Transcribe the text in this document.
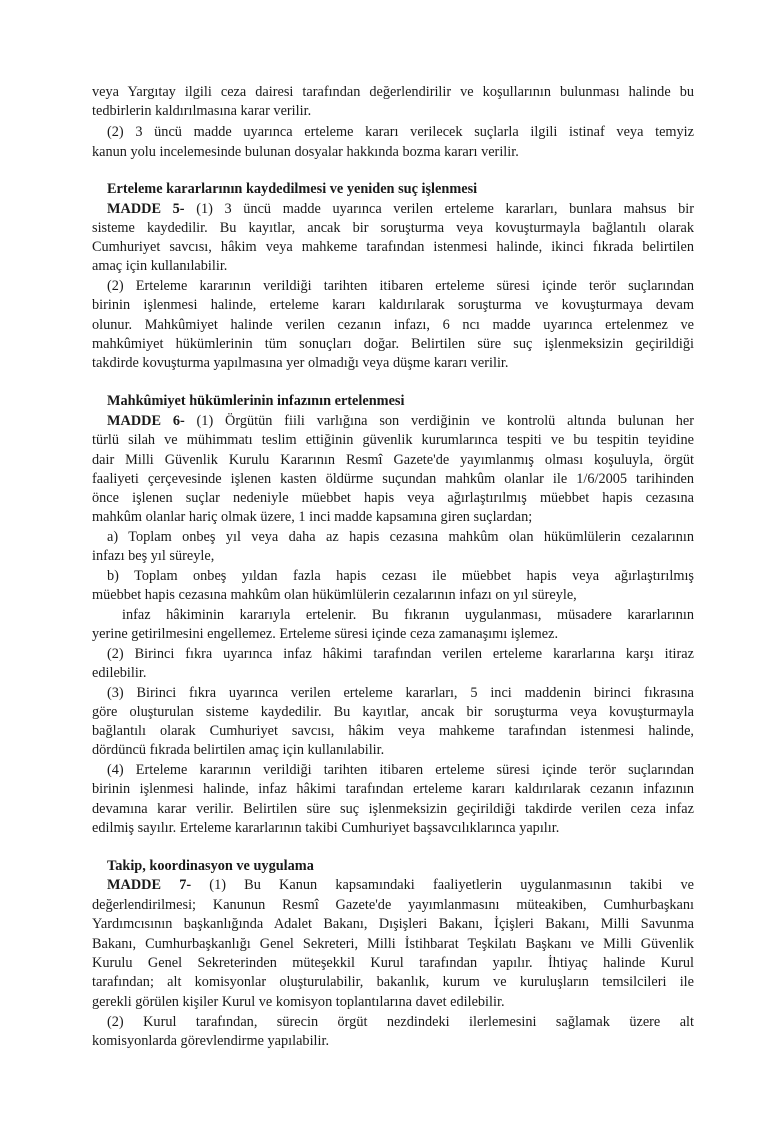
veya Yargıtay ilgili ceza dairesi tarafından değerlendirilir ve koşullarının bulunması halinde bu
tedbirlerin kaldırılmasına karar verilir.
(2) 3 üncü madde uyarınca erteleme kararı verilecek suçlarla ilgili istinaf veya temyiz
kanun yolu incelemesinde bulunan dosyalar hakkında bozma kararı verilir.
Erteleme kararlarının kaydedilmesi ve yeniden suç işlenmesi
MADDE 5- (1) 3 üncü madde uyarınca verilen erteleme kararları, bunlara mahsus bir
sisteme kaydedilir. Bu kayıtlar, ancak bir soruşturma veya kovuşturmayla bağlantılı olarak
Cumhuriyet savcısı, hâkim veya mahkeme tarafından istenmesi halinde, ikinci fıkrada belirtilen
amaç için kullanılabilir.
(2) Erteleme kararının verildiği tarihten itibaren erteleme süresi içinde terör suçlarından
birinin işlenmesi halinde, erteleme kararı kaldırılarak soruşturma ve kovuşturmaya devam
olunur. Mahkûmiyet halinde verilen cezanın infazı, 6 ncı madde uyarınca ertelenmez ve
mahkûmiyet hükümlerinin tüm sonuçları doğar. Belirtilen süre suç işlenmeksizin geçirildiği
takdirde kovuşturma yapılmasına yer olmadığı veya düşme kararı verilir.
Mahkûmiyet hükümlerinin infazının ertelenmesi
MADDE 6- (1) Örgütün fiili varlığına son verdiğinin ve kontrolü altında bulunan her
türlü silah ve mühimmatı teslim ettiğinin güvenlik kurumlarınca tespiti ve bu tespitin teyidine
dair Milli Güvenlik Kurulu Kararının Resmî Gazete'de yayımlanmış olması koşuluyla, örgüt
faaliyeti çerçevesinde işlenen kasten öldürme suçundan mahkûm olanlar ile 1/6/2005 tarihinden
önce işlenen suçlar nedeniyle müebbet hapis veya ağırlaştırılmış müebbet hapis cezasına
mahkûm olanlar hariç olmak üzere, 1 inci madde kapsamına giren suçlardan;
a) Toplam onbeş yıl veya daha az hapis cezasına mahkûm olan hükümlülerin cezalarının
infazı beş yıl süreyle,
b) Toplam onbeş yıldan fazla hapis cezası ile müebbet hapis veya ağırlaştırılmış
müebbet hapis cezasına mahkûm olan hükümlülerin cezalarının infazı on yıl süreyle,
infaz hâkiminin kararıyla ertelenir. Bu fıkranın uygulanması, müsadere kararlarının
yerine getirilmesini engellemez. Erteleme süresi içinde ceza zamanaşımı işlemez.
(2) Birinci fıkra uyarınca infaz hâkimi tarafından verilen erteleme kararlarına karşı itiraz
edilebilir.
(3) Birinci fıkra uyarınca verilen erteleme kararları, 5 inci maddenin birinci fıkrasına
göre oluşturulan sisteme kaydedilir. Bu kayıtlar, ancak bir soruşturma veya kovuşturmayla
bağlantılı olarak Cumhuriyet savcısı, hâkim veya mahkeme tarafından istenmesi halinde,
dördüncü fıkrada belirtilen amaç için kullanılabilir.
(4) Erteleme kararının verildiği tarihten itibaren erteleme süresi içinde terör suçlarından
birinin işlenmesi halinde, infaz hâkimi tarafından erteleme kararı kaldırılarak cezanın infazının
devamına karar verilir. Belirtilen süre suç işlenmeksizin geçirildiği takdirde verilen ceza infaz
edilmiş sayılır. Erteleme kararlarının takibi Cumhuriyet başsavcılıklarınca yapılır.
Takip, koordinasyon ve uygulama
MADDE 7- (1) Bu Kanun kapsamındaki faaliyetlerin uygulanmasının takibi ve
değerlendirilmesi; Kanunun Resmî Gazete'de yayımlanmasını müteakiben, Cumhurbaşkanı
Yardımcısının başkanlığında Adalet Bakanı, Dışişleri Bakanı, İçişleri Bakanı, Milli Savunma
Bakanı, Cumhurbaşkanlığı Genel Sekreteri, Milli İstihbarat Teşkilatı Başkanı ve Milli Güvenlik
Kurulu Genel Sekreterinden müteşekkil Kurul tarafından yapılır. İhtiyaç halinde Kurul
tarafından; alt komisyonlar oluşturulabilir, bakanlık, kurum ve kuruluşların temsilcileri ile
gerekli görülen kişiler Kurul ve komisyon toplantılarına davet edilebilir.
(2) Kurul tarafından, sürecin örgüt nezdindeki ilerlemesini sağlamak üzere alt
komisyonlarda görevlendirme yapılabilir.
